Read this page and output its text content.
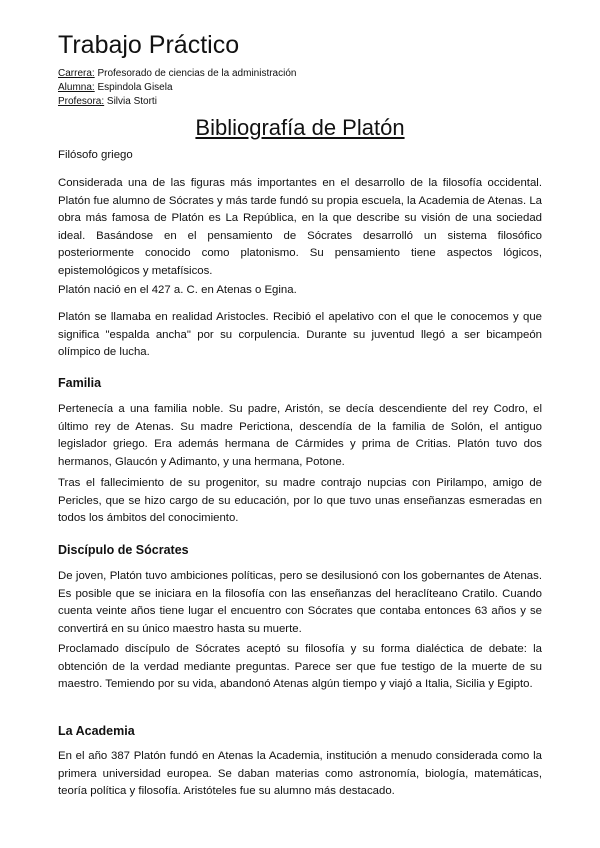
Trabajo Práctico
Carrera: Profesorado de ciencias de la administración
Alumna: Espindola Gisela
Profesora: Silvia Storti
Bibliografía de Platón

Filósofo griego

Considerada una de las figuras más importantes en el desarrollo de la filosofía occidental. Platón fue alumno de Sócrates y más tarde fundó su propia escuela, la Academia de Atenas. La obra más famosa de Platón es La República, en la que describe su visión de una sociedad ideal. Basándose en el pensamiento de Sócrates desarrolló un sistema filosófico posteriormente conocido como platonismo. Su pensamiento tiene aspectos lógicos, epistemológicos y metafísicos.

Platón nació en el 427 a. C. en Atenas o Egina.

Platón se llamaba en realidad Aristocles. Recibió el apelativo con el que le conocemos y que significa "espalda ancha" por su corpulencia. Durante su juventud llegó a ser bicampeón olímpico de lucha.

Familia

Pertenecía a una familia noble. Su padre, Aristón, se decía descendiente del rey Codro, el último rey de Atenas. Su madre Perictiona, descendía de la familia de Solón, el antiguo legislador griego. Era además hermana de Cármides y prima de Critias. Platón tuvo dos hermanos, Glaucón y Adimanto, y una hermana, Potone.

Tras el fallecimiento de su progenitor, su madre contrajo nupcias con Pirilampo, amigo de Pericles, que se hizo cargo de su educación, por lo que tuvo unas enseñanzas esmeradas en todos los ámbitos del conocimiento.

Discípulo de Sócrates

De joven, Platón tuvo ambiciones políticas, pero se desilusionó con los gobernantes de Atenas. Es posible que se iniciara en la filosofía con las enseñanzas del heraclíteano Cratilo. Cuando cuenta veinte años tiene lugar el encuentro con Sócrates que contaba entonces 63 años y se convertirá en su único maestro hasta su muerte.

Proclamado discípulo de Sócrates aceptó su filosofía y su forma dialéctica de debate: la obtención de la verdad mediante preguntas. Parece ser que fue testigo de la muerte de su maestro. Temiendo por su vida, abandonó Atenas algún tiempo y viajó a Italia, Sicilia y Egipto.

La Academia

En el año 387 Platón fundó en Atenas la Academia, institución a menudo considerada como la primera universidad europea. Se daban materias como astronomía, biología, matemáticas, teoría política y filosofía. Aristóteles fue su alumno más destacado.
